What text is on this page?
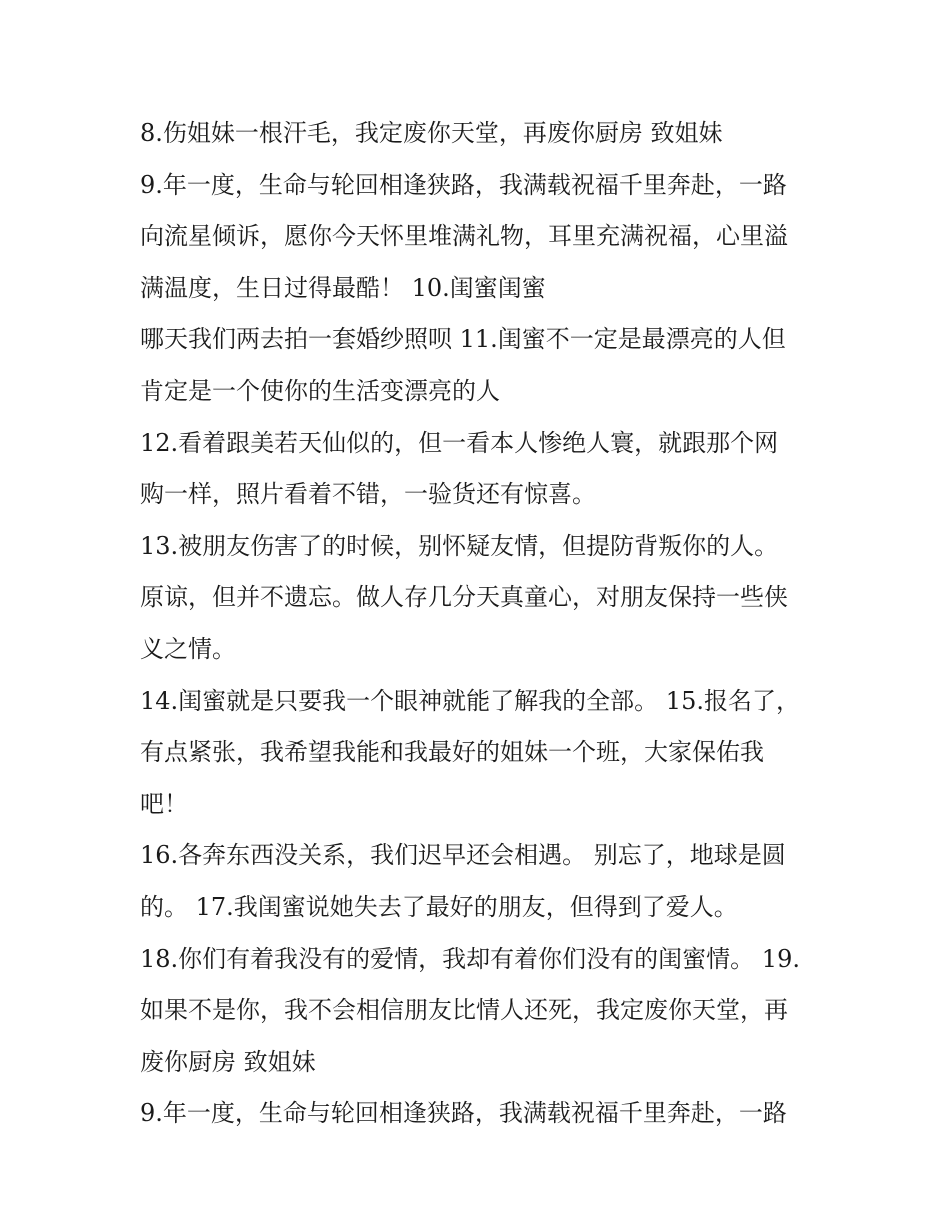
8.伤姐妹一根汗毛，我定废你天堂，再废你厨房 致姐妹
9.年一度，生命与轮回相逢狭路，我满载祝福千里奔赴，一路
向流星倾诉，愿你今天怀里堆满礼物，耳里充满祝福，心里溢
满温度，生日过得最酷！ 10.闺蜜闺蜜
哪天我们两去拍一套婚纱照呗 11.闺蜜不一定是最漂亮的人但
肯定是一个使你的生活变漂亮的人
12.看着跟美若天仙似的，但一看本人惨绝人寰，就跟那个网
购一样，照片看着不错，一验货还有惊喜。
13.被朋友伤害了的时候，别怀疑友情，但提防背叛你的人。
原谅，但并不遗忘。做人存几分天真童心，对朋友保持一些侠
义之情。
14.闺蜜就是只要我一个眼神就能了解我的全部。 15.报名了，
有点紧张，我希望我能和我最好的姐妹一个班，大家保佑我
吧！
16.各奔东西没关系，我们迟早还会相遇。 别忘了，地球是圆
的。 17.我闺蜜说她失去了最好的朋友，但得到了爱人。
18.你们有着我没有的爱情，我却有着你们没有的闺蜜情。 19.
如果不是你，我不会相信朋友比情人还死，我定废你天堂，再
废你厨房 致姐妹
9.年一度，生命与轮回相逢狭路，我满载祝福千里奔赴，一路
